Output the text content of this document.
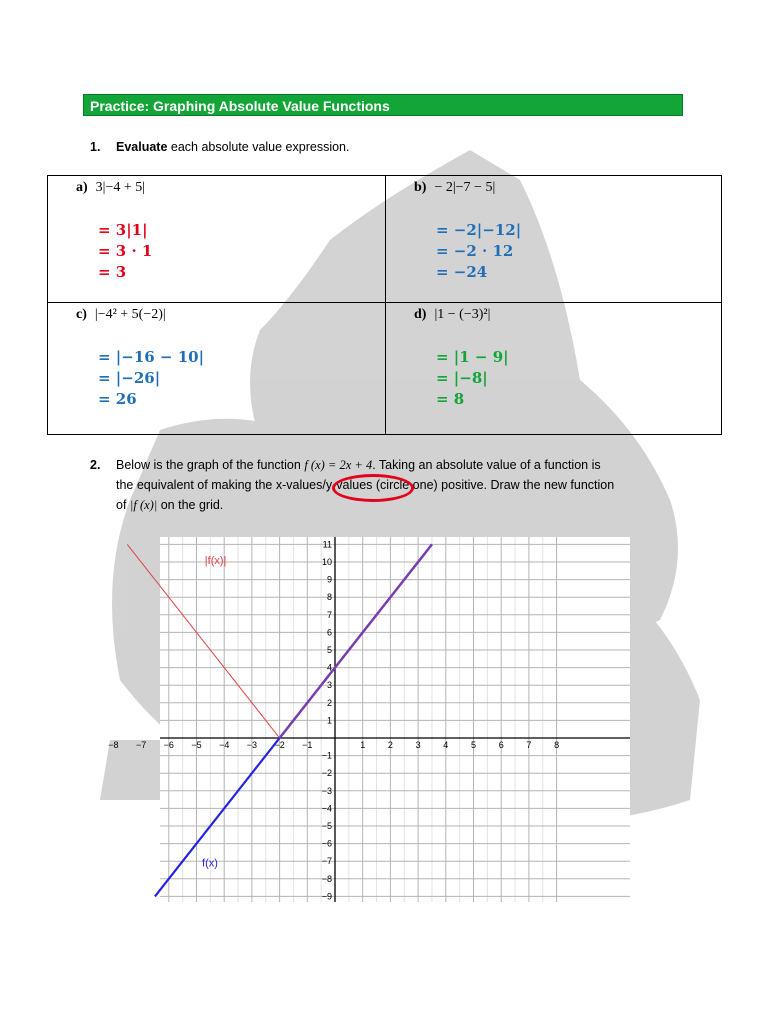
Practice: Graphing Absolute Value Functions
1. Evaluate each absolute value expression.
a) 3|−4 + 5|
= 3|1|
= 3 · 1
= 3
b) − 2|−7 − 5|
= −2|−12|
= −2 · 12
= −24
c) |−4² + 5(−2)|
= |−16 − 10|
= |−26|
= 26
d) |1 − (−3)²|
= |1 − 9|
= |−8|
= 8
2. Below is the graph of the function f (x) = 2x + 4. Taking an absolute value of a function is
the equivalent of making the x-values/y-values (circle one) positive. Draw the new function
of |f (x)| on the grid.
−8 −7 −6 −5 −4 −3 −2 −1	1	2	3	4	5	6	7	8
−9
−8
−7
−6
−5
−4
−3
−2
−1
1
2
3
4
5
6
7
8
9
10
11
|f(x)|
f(x)
